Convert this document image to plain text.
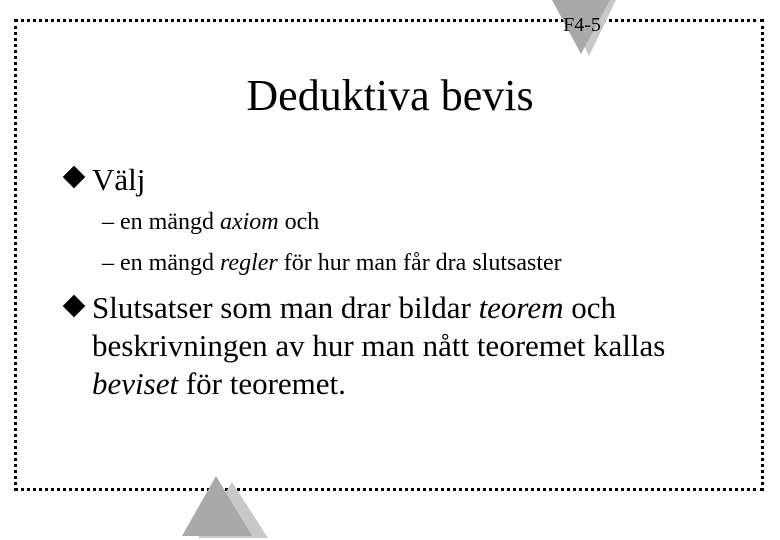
F4-5
Deduktiva bevis
Välj
– en mängd axiom och
– en mängd regler för hur man får dra slutsaster
Slutsatser som man drar bildar teorem och
beskrivningen av hur man nått teoremet kallas
beviset för teoremet.
